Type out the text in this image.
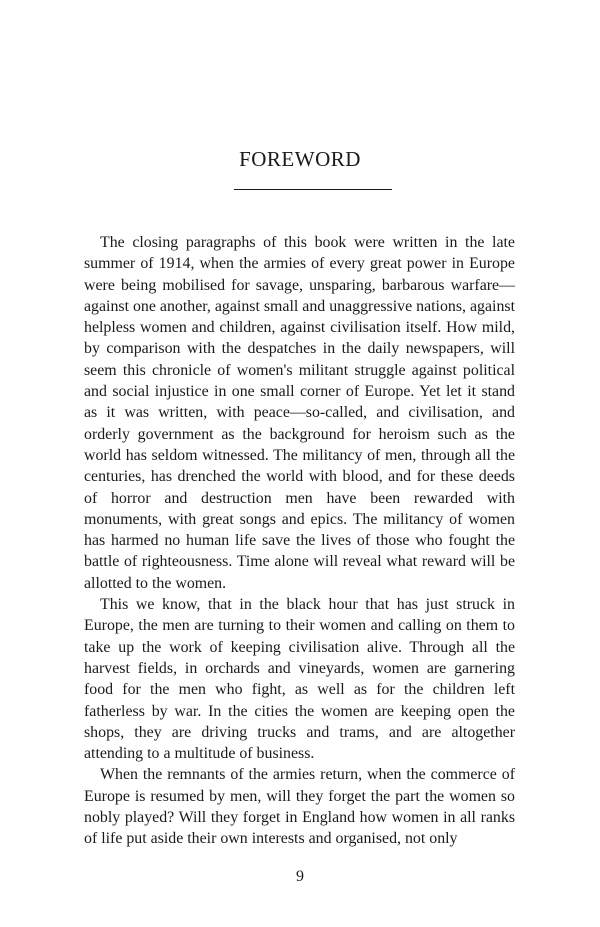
FOREWORD

The closing paragraphs of this book were written in the late summer of 1914, when the armies of every great power in Europe were being mobilised for savage, unsparing, barbarous warfare—against one another, against small and unaggressive nations, against helpless women and children, against civilisation itself. How mild, by comparison with the despatches in the daily newspapers, will seem this chronicle of women's militant struggle against political and social injustice in one small corner of Europe. Yet let it stand as it was written, with peace—so-called, and civilisation, and orderly government as the background for heroism such as the world has seldom witnessed. The militancy of men, through all the centuries, has drenched the world with blood, and for these deeds of horror and destruction men have been rewarded with monuments, with great songs and epics. The militancy of women has harmed no human life save the lives of those who fought the battle of righteousness. Time alone will reveal what reward will be allotted to the women.

This we know, that in the black hour that has just struck in Europe, the men are turning to their women and calling on them to take up the work of keeping civilisation alive. Through all the harvest fields, in orchards and vineyards, women are garnering food for the men who fight, as well as for the children left fatherless by war. In the cities the women are keeping open the shops, they are driving trucks and trams, and are altogether attending to a multitude of business.

When the remnants of the armies return, when the commerce of Europe is resumed by men, will they forget the part the women so nobly played? Will they forget in England how women in all ranks of life put aside their own interests and organised, not only

9
